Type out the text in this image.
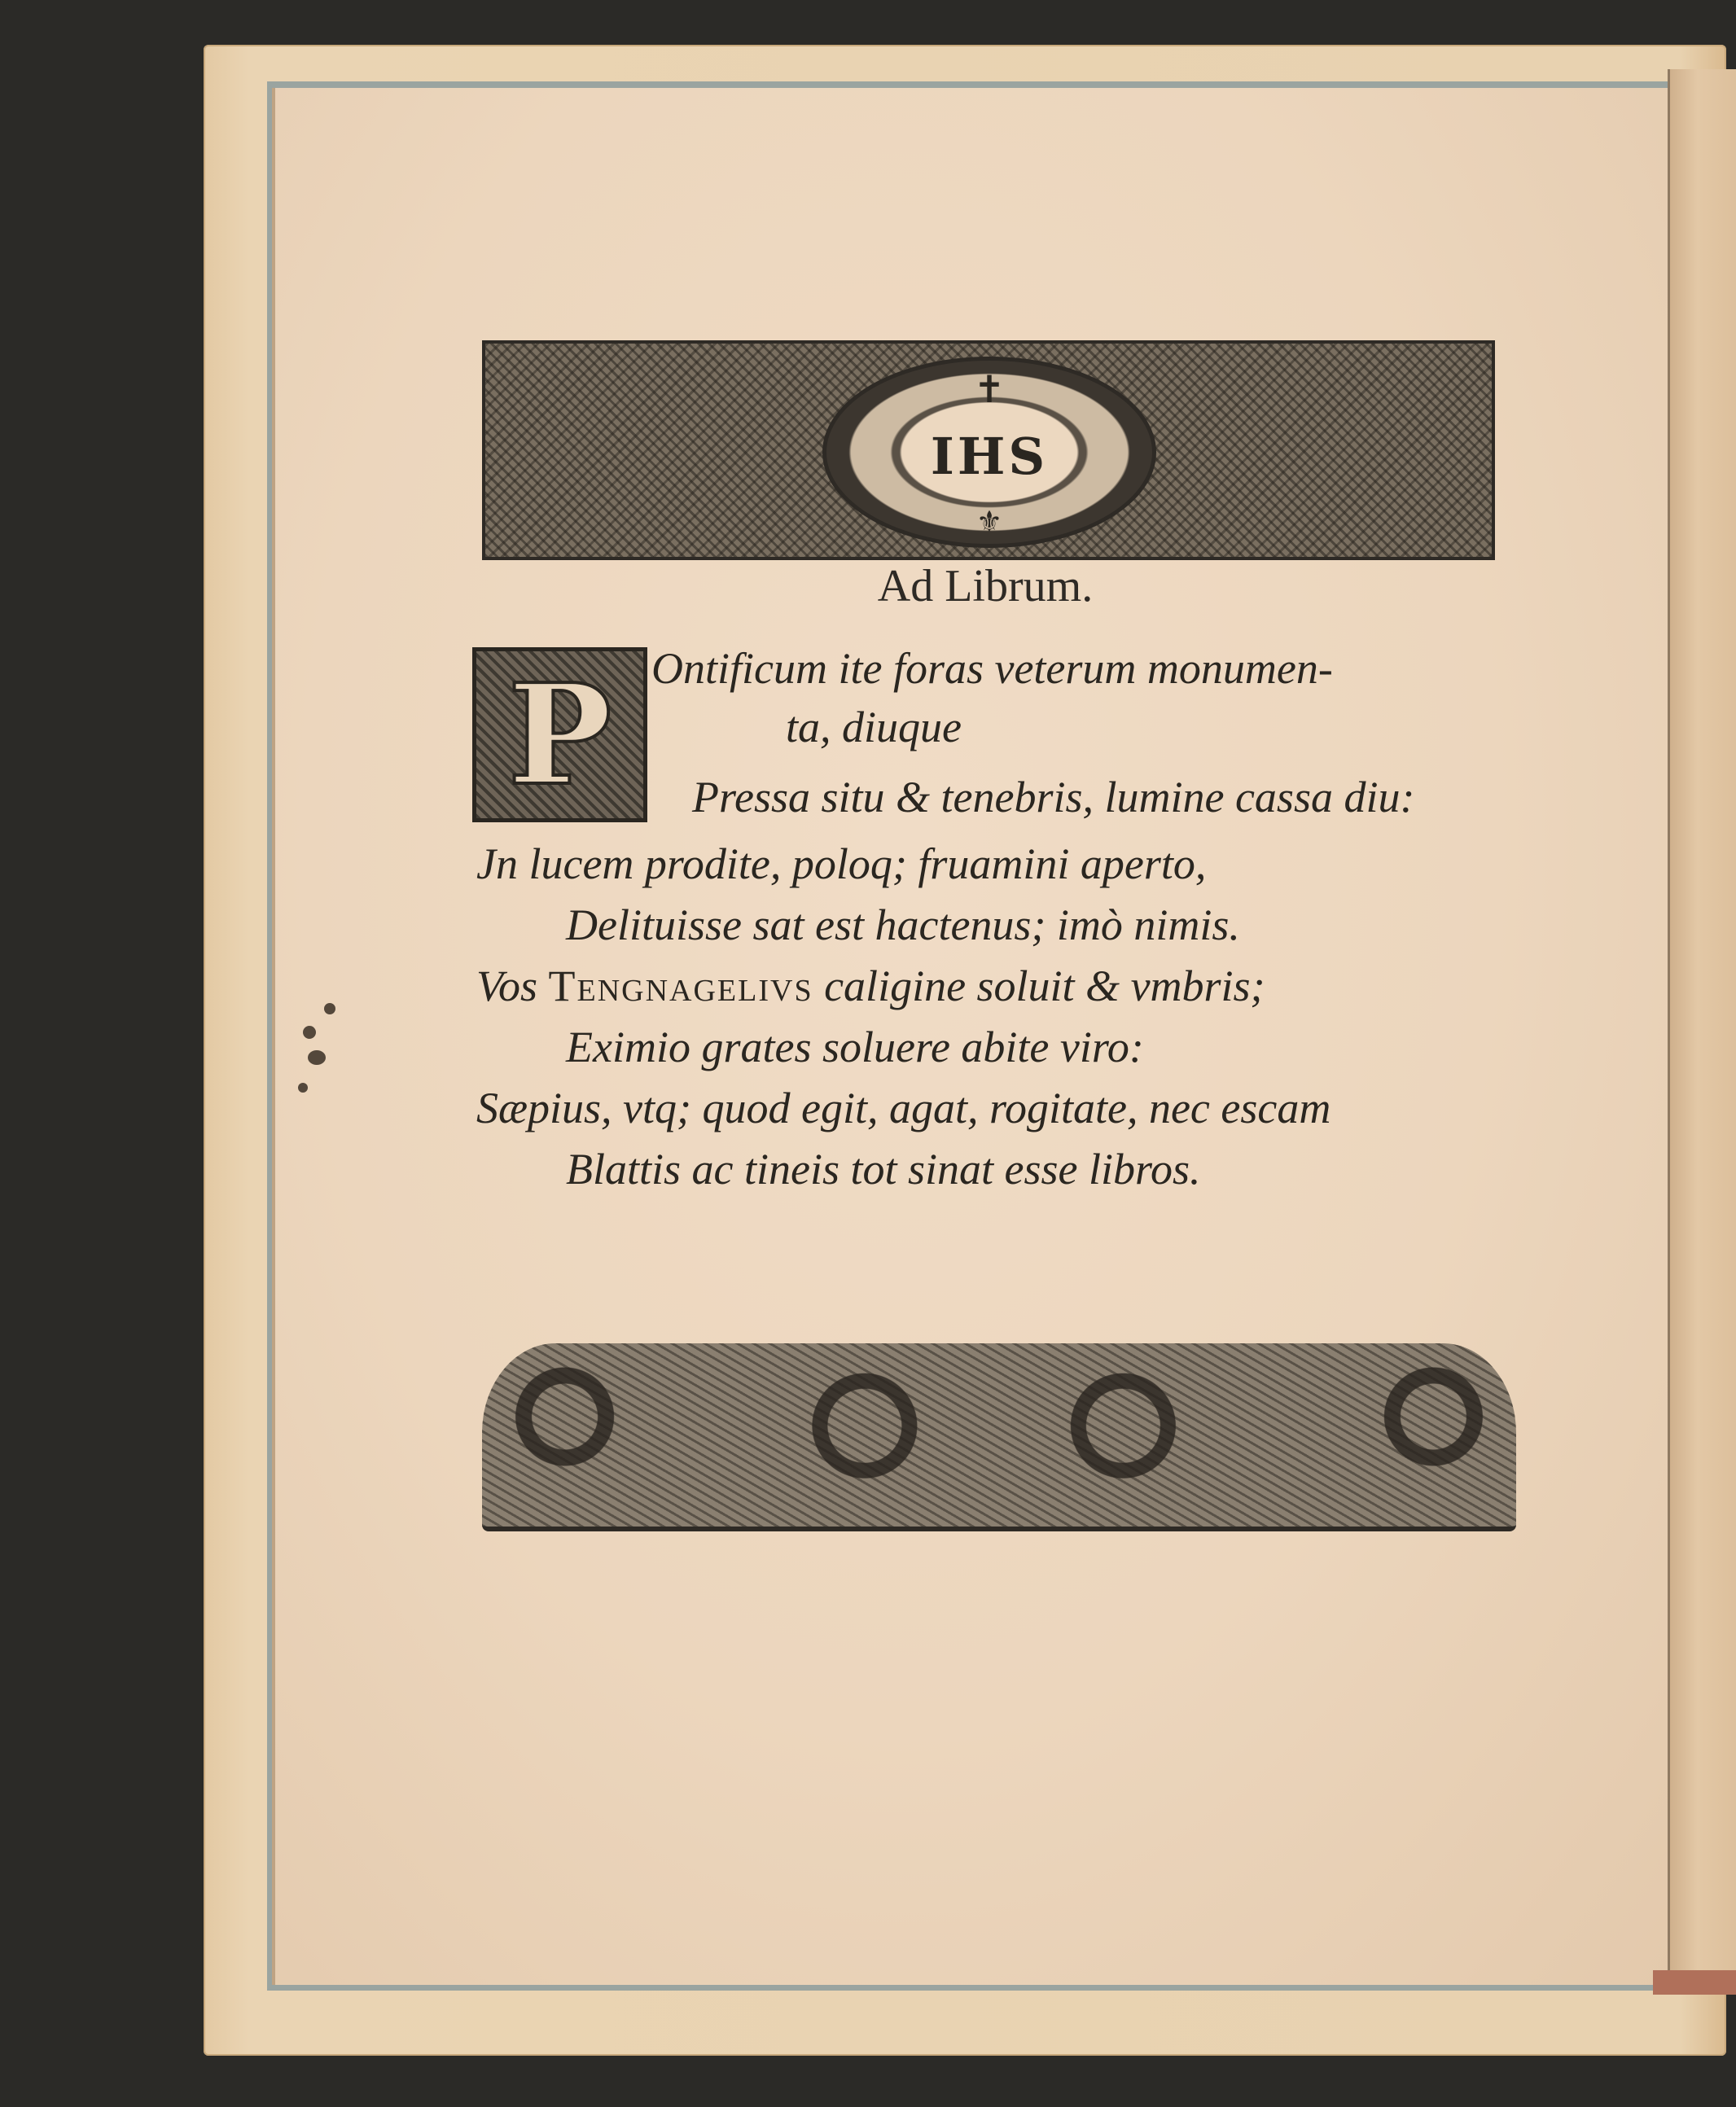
✝
IHS
⚜
Ad Librum.
P Ontificum ite foras veterum monumen-
ta, diuque
Pressa situ & tenebris, lumine cassa diu:
Jn lucem prodite, poloq; fruamini aperto,
Delituisse sat est hactenus; imò nimis.
Vos Tengnagelivs caligine soluit & vmbris;
Eximio grates soluere abite viro:
Sæpius, vtq; quod egit, agat, rogitate, nec escam
Blattis ac tineis tot sinat esse libros.
